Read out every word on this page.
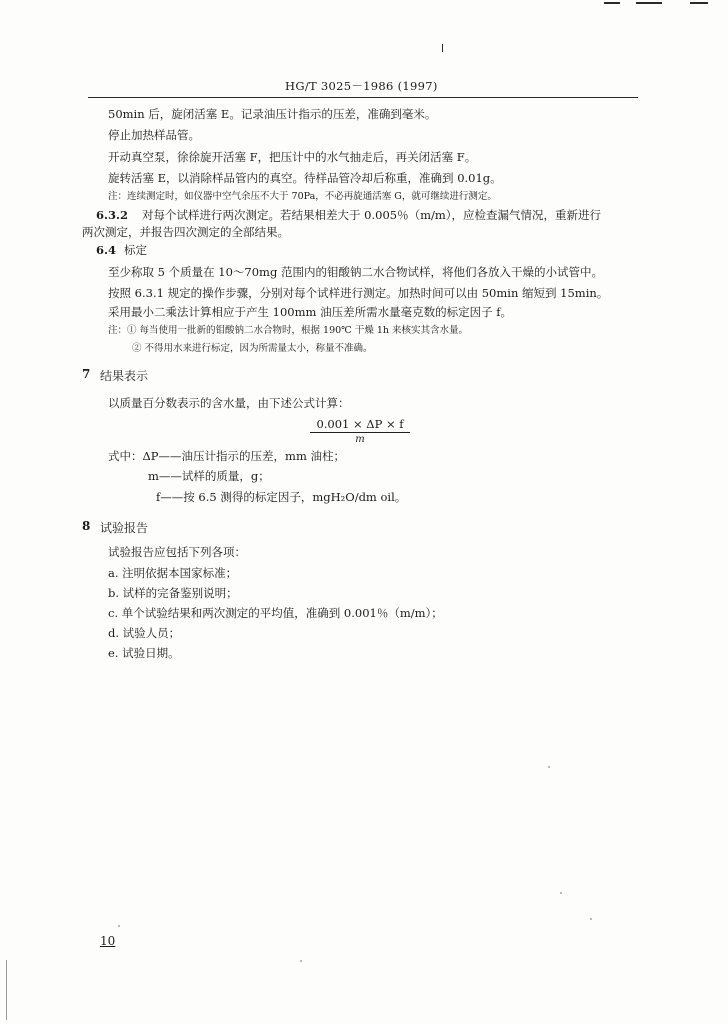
HG/T 3025－1986 (1997)
50min 后，旋闭活塞 E。记录油压计指示的压差，准确到毫米。
停止加热样品管。
开动真空泵，徐徐旋开活塞 F，把压计中的水气抽走后，再关闭活塞 F。
旋转活塞 E，以消除样品管内的真空。待样品管冷却后称重，准确到 0.01g。
注：连续测定时，如仪器中空气余压不大于 70Pa，不必再旋通活塞 G，就可继续进行测定。
6.3.2 对每个试样进行两次测定。若结果相差大于 0.005％（m/m），应检查漏气情况，重新进行
两次测定，并报告四次测定的全部结果。
6.4 标定
至少称取 5 个质量在 10～70mg 范围内的钼酸钠二水合物试样，将他们各放入干燥的小试管中。
按照 6.3.1 规定的操作步骤，分别对每个试样进行测定。加热时间可以由 50min 缩短到 15min。
采用最小二乘法计算相应于产生 100mm 油压差所需水量毫克数的标定因子 f。
注：① 每当使用一批新的钼酸钠二水合物时，根据 190℃ 干燥 1h 来核实其含水量。
② 不得用水来进行标定，因为所需量太小，称量不准确。
7 结果表示
以质量百分数表示的含水量，由下述公式计算：
$\frac{0.001 \times \Delta P \times f}{m}$
式中：ΔP——油压计指示的压差，mm 油柱；
m——试样的质量，g；
f——按 6.5 测得的标定因子，mgH₂O/dm oil。
8 试验报告
试验报告应包括下列各项：
a. 注明依据本国家标准；
b. 试样的完备鉴别说明；
c. 单个试验结果和两次测定的平均值，准确到 0.001％（m/m）；
d. 试验人员；
e. 试验日期。
10
